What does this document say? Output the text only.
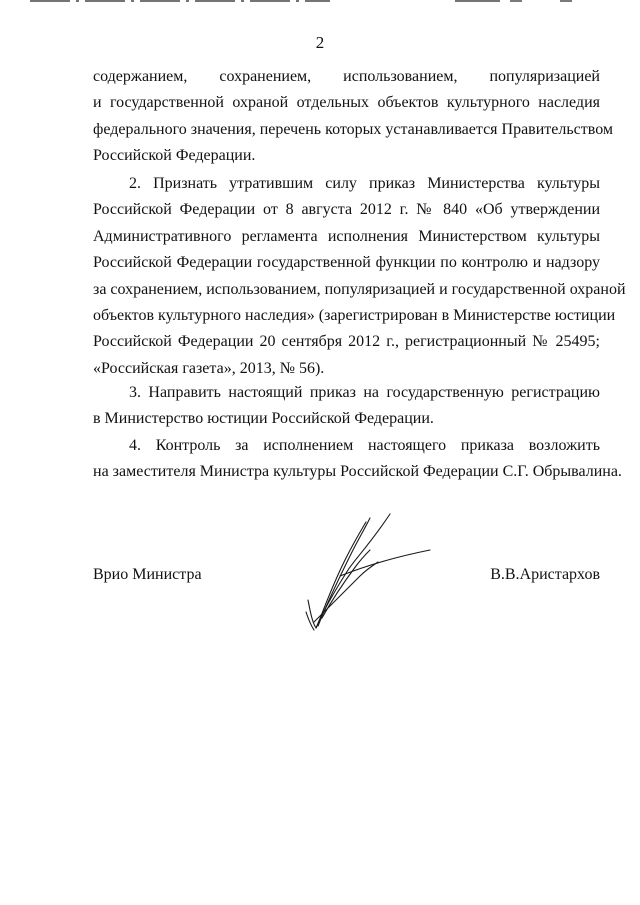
2
содержанием, сохранением, использованием, популяризацией
и государственной охраной отдельных объектов культурного наследия
федерального значения, перечень которых устанавливается Правительством
Российской Федерации.
2. Признать утратившим силу приказ Министерства культуры
Российской Федерации от 8 августа 2012 г. № 840 «Об утверждении
Административного регламента исполнения Министерством культуры
Российской Федерации государственной функции по контролю и надзору
за сохранением, использованием, популяризацией и государственной охраной
объектов культурного наследия» (зарегистрирован в Министерстве юстиции
Российской Федерации 20 сентября 2012 г., регистрационный № 25495;
«Российская газета», 2013, № 56).
3. Направить настоящий приказ на государственную регистрацию
в Министерство юстиции Российской Федерации.
4. Контроль за исполнением настоящего приказа возложить
на заместителя Министра культуры Российской Федерации С.Г. Обрывалина.
Врио Министра	В.В.Аристархов
